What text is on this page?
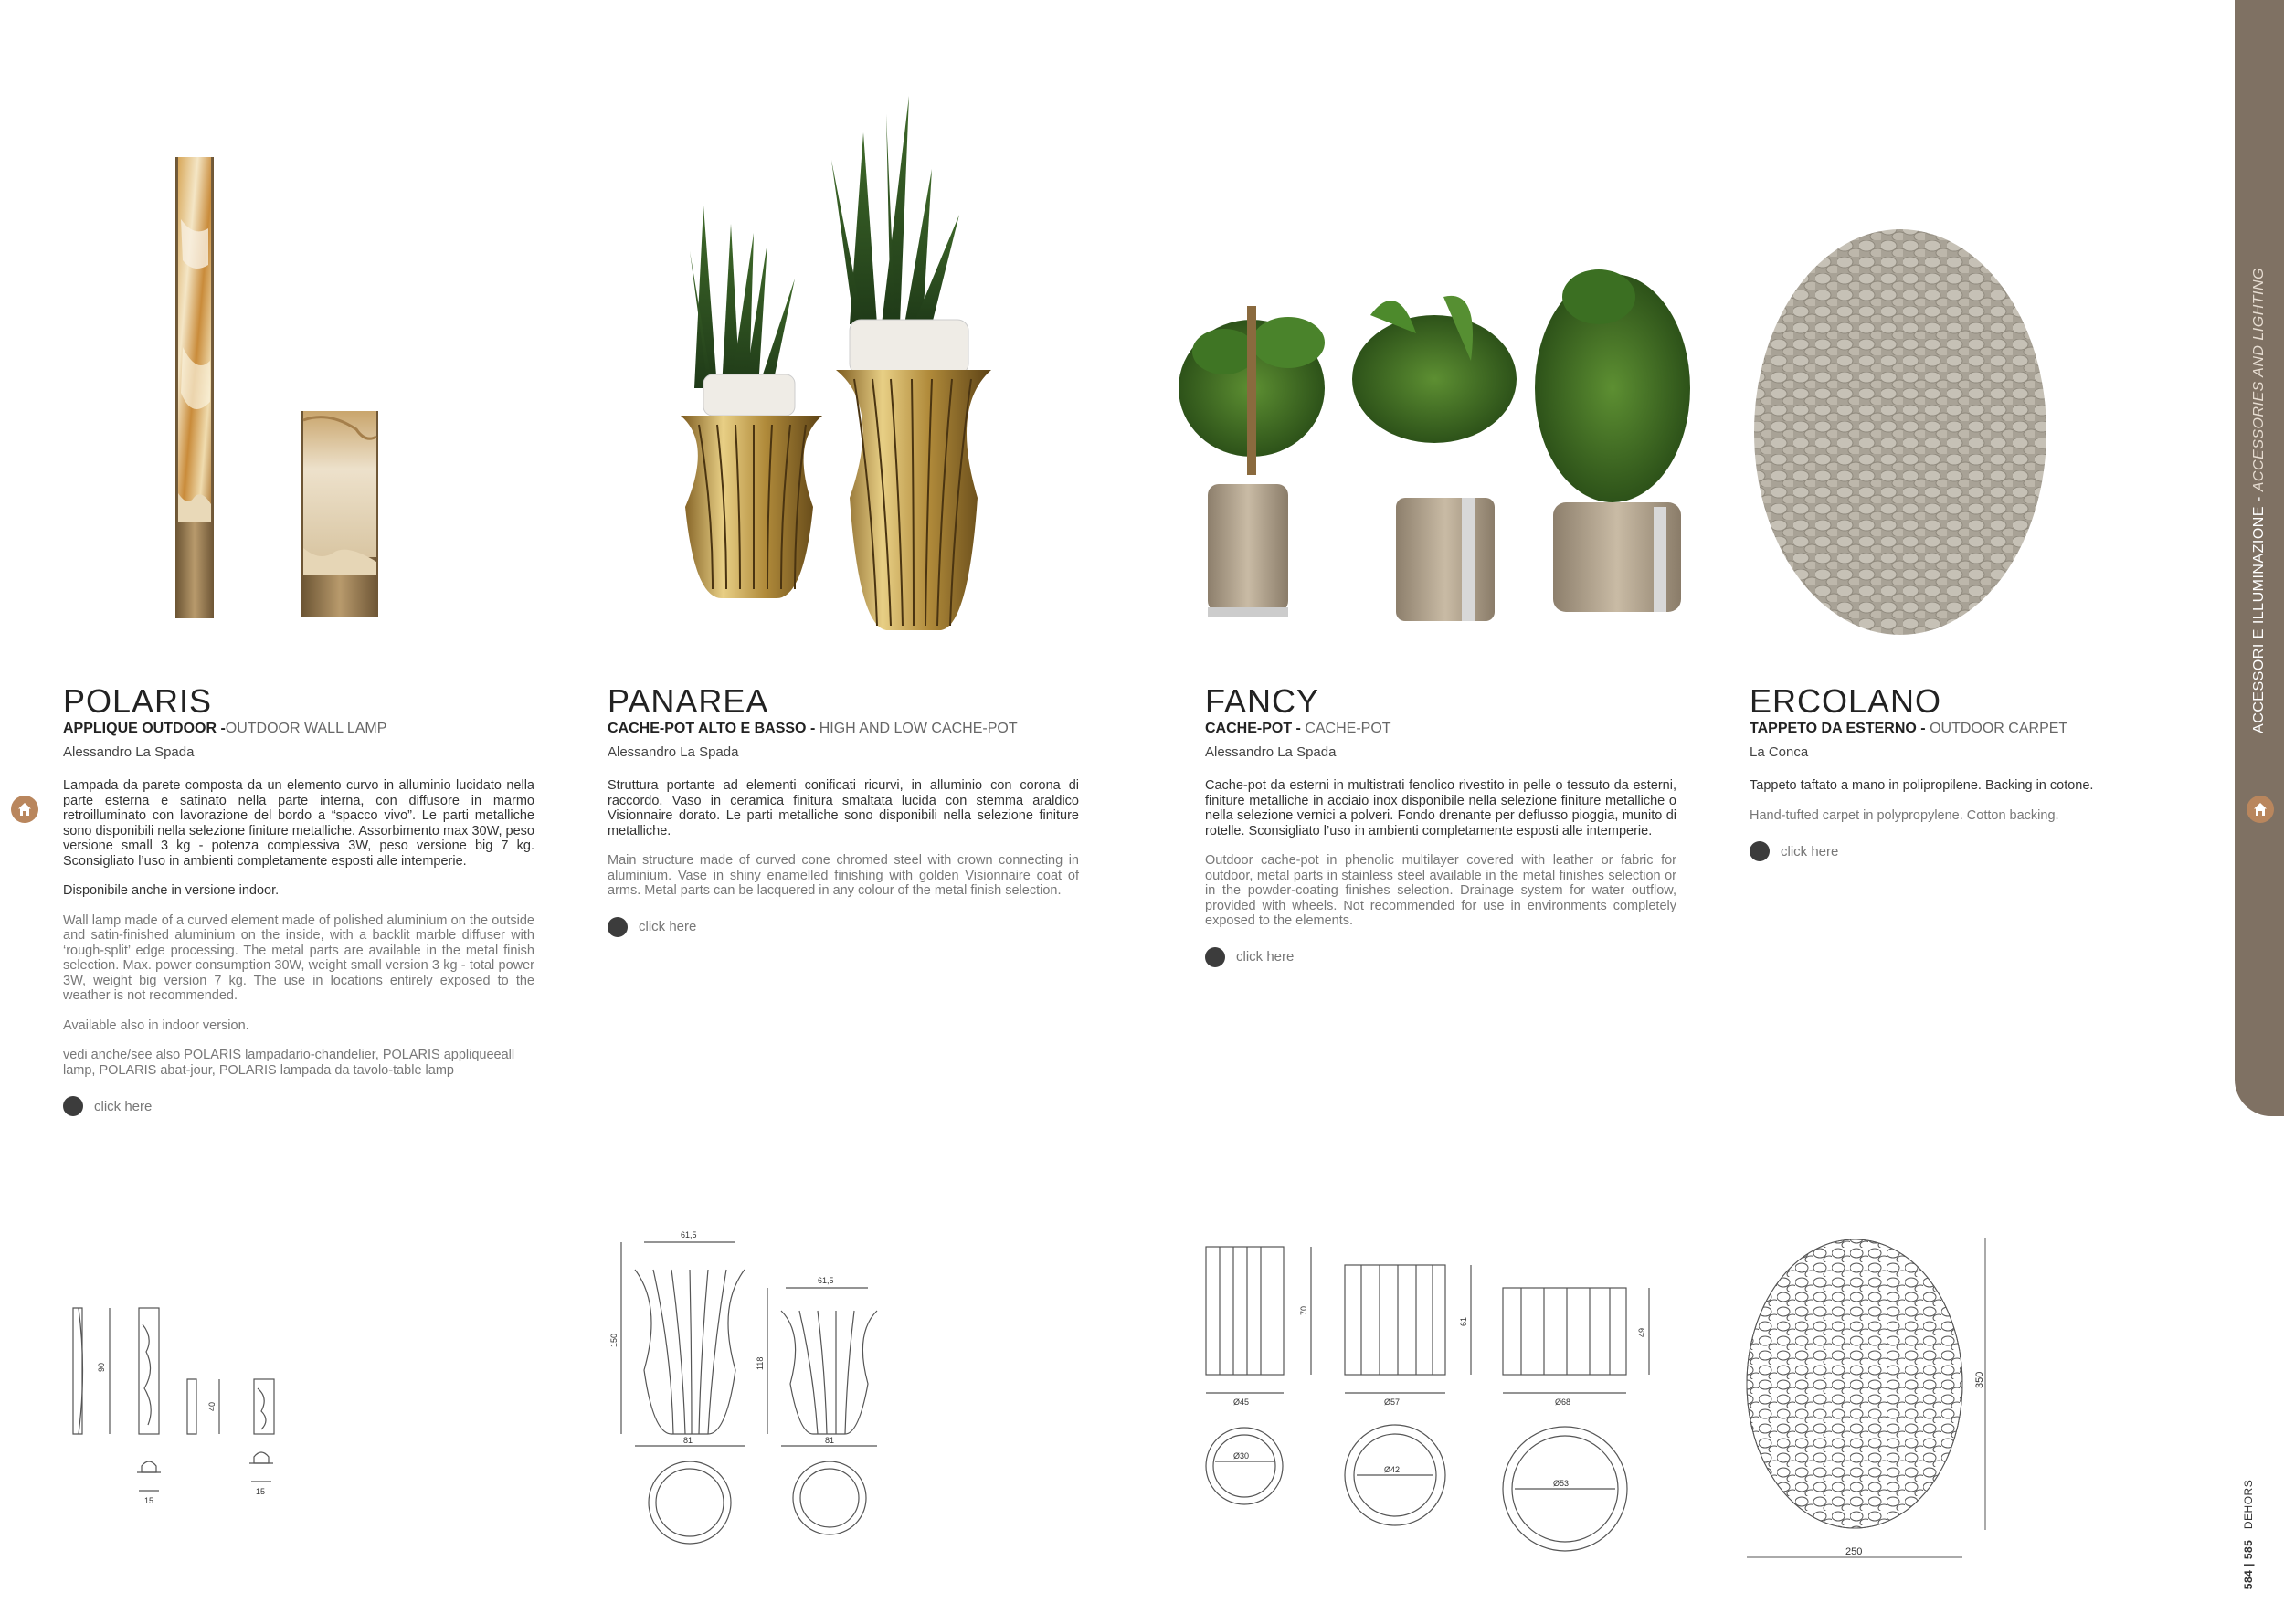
ACCESSORI E ILLUMINAZIONE - ACCESSORIES AND LIGHTING
584 | 585   DEHORS
POLARIS
APPLIQUE OUTDOOR -OUTDOOR WALL LAMP
Alessandro La Spada
Lampada da parete composta da un elemento curvo in alluminio lucidato nella parte esterna e satinato nella parte interna, con diffusore in marmo retroilluminato con lavorazione del bordo a “spacco vivo”. Le parti metalliche sono disponibili nella selezione finiture metalliche. Assorbimento max 30W, peso versione small 3 kg - potenza complessiva 3W, peso versione big 7 kg. Sconsigliato l’uso in ambienti completamente esposti alle intemperie.
Disponibile anche in versione indoor.
Wall lamp made of a curved element made of polished aluminium on the outside and satin-finished aluminium on the inside, with a backlit marble diffuser with ‘rough-split’ edge processing. The metal parts are available in the metal finish selection. Max. power consumption 30W, weight small version 3 kg - total power 3W, weight big version 7 kg. The use in locations entirely exposed to the weather is not recommended.
Available also in indoor version.
vedi anche/see also POLARIS lampadario-chandelier, POLARIS appliqueeall lamp, POLARIS abat-jour, POLARIS lampada da tavolo-table lamp
click here
PANAREA
CACHE-POT ALTO E BASSO - HIGH AND LOW CACHE-POT
Alessandro La Spada
Struttura portante ad elementi conificati ricurvi, in alluminio con corona di raccordo. Vaso in ceramica finitura smaltata lucida con stemma araldico Visionnaire dorato. Le parti metalliche sono disponibili nella selezione finiture metalliche.
Main structure made of curved cone chromed steel with crown connecting in aluminium. Vase in shiny enamelled finishing with golden Visionnaire coat of arms. Metal parts can be lacquered in any colour of the metal finish selection.
click here
FANCY
CACHE-POT - CACHE-POT
Alessandro La Spada
Cache-pot da esterni in multistrati fenolico rivestito in pelle o tessuto da esterni, finiture metalliche in acciaio inox disponibile nella selezione finiture metalliche o nella selezione vernici a polveri. Fondo drenante per deflusso pioggia, munito di rotelle. Sconsigliato l’uso in ambienti completamente esposti alle intemperie.
Outdoor cache-pot in phenolic multilayer covered with leather or fabric for outdoor, metal parts in stainless steel available in the metal finishes selection or in the powder-coating finishes selection. Drainage system for water outflow, provided with wheels. Not recommended for use in environments completely exposed to the elements.
click here
ERCOLANO
TAPPETO DA ESTERNO - OUTDOOR CARPET
La Conca
Tappeto taftato a mano in polipropilene. Backing in cotone.
Hand-tufted carpet in polypropylene. Cotton backing.
click here
90
40
15
15
61,5
150
81
61,5
118
81
70
Ø45
Ø30
61
Ø57
Ø42
49
Ø68
Ø53
350
250
